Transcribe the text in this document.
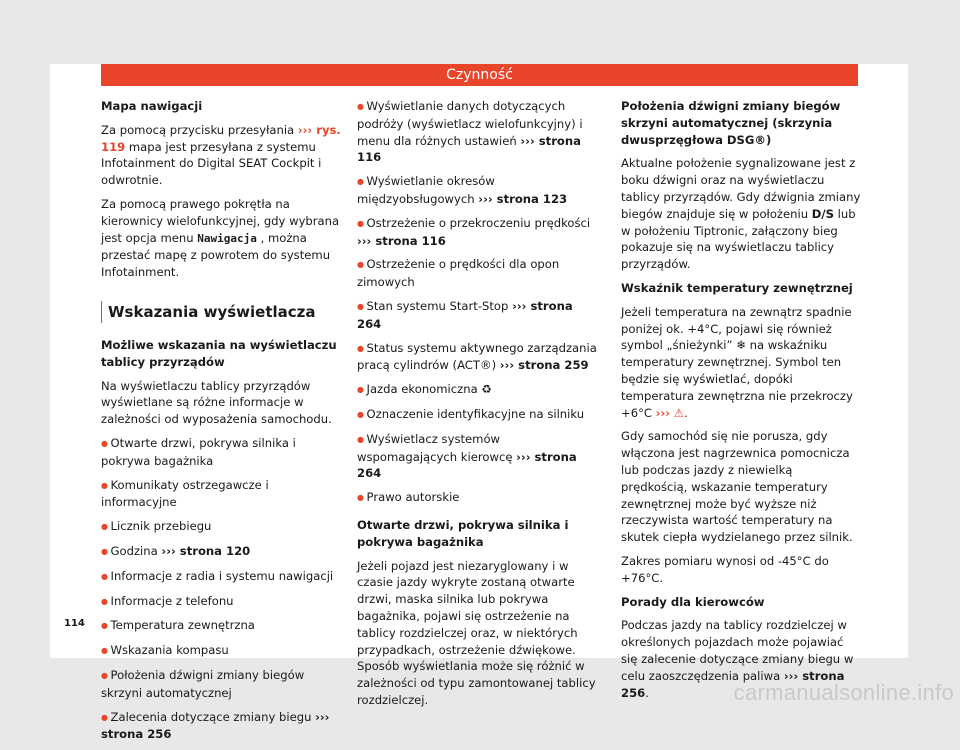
Czynność

Mapa nawigacji

Za pomocą przycisku przesyłania ››› rys. 119 mapa jest przesyłana z systemu Infotainment do Digital SEAT Cockpit i odwrotnie.

Za pomocą prawego pokrętła na kierownicy wielofunkcyjnej, gdy wybrana jest opcja menu Nawigacja , można przestać mapę z powrotem do systemu Infotainment.

Wskazania wyświetlacza

Możliwe wskazania na wyświetlaczu tablicy przyrządów

Na wyświetlaczu tablicy przyrządów wyświetlane są różne informacje w zależności od wyposażenia samochodu.

● Otwarte drzwi, pokrywa silnika i pokrywa bagażnika

● Komunikaty ostrzegawcze i informacyjne

● Licznik przebiegu

● Godzina ››› strona 120

● Informacje z radia i systemu nawigacji

● Informacje z telefonu

● Temperatura zewnętrzna

● Wskazania kompasu

● Położenia dźwigni zmiany biegów skrzyni automatycznej

● Zalecenia dotyczące zmiany biegu ››› strona 256

● Wyświetlanie danych dotyczących podróży (wyświetlacz wielofunkcyjny) i menu dla różnych ustawień ››› strona 116

● Wyświetlanie okresów międzyobsługowych ››› strona 123

● Ostrzeżenie o przekroczeniu prędkości ››› strona 116

● Ostrzeżenie o prędkości dla opon zimowych

● Stan systemu Start-Stop ››› strona 264

● Status systemu aktywnego zarządzania pracą cylindrów (ACT®) ››› strona 259

● Jazda ekonomiczna ♻

● Oznaczenie identyfikacyjne na silniku

● Wyświetlacz systemów wspomagających kierowcę ››› strona 264

● Prawo autorskie

Otwarte drzwi, pokrywa silnika i pokrywa bagażnika

Jeżeli pojazd jest niezaryglowany i w czasie jazdy wykryte zostaną otwarte drzwi, maska silnika lub pokrywa bagażnika, pojawi się ostrzeżenie na tablicy rozdzielczej oraz, w niektórych przypadkach, ostrzeżenie dźwiękowe. Sposób wyświetlania może się różnić w zależności od typu zamontowanej tablicy rozdzielczej.

Położenia dźwigni zmiany biegów skrzyni automatycznej (skrzynia dwusprzęgłowa DSG®)

Aktualne położenie sygnalizowane jest z boku dźwigni oraz na wyświetlaczu tablicy przyrządów. Gdy dźwignia zmiany biegów znajduje się w położeniu D/S lub w położeniu Tiptronic, załączony bieg pokazuje się na wyświetlaczu tablicy przyrządów.

Wskaźnik temperatury zewnętrznej

Jeżeli temperatura na zewnątrz spadnie poniżej ok. +4°C, pojawi się również symbol „śnieżynki” ❄ na wskaźniku temperatury zewnętrznej. Symbol ten będzie się wyświetlać, dopóki temperatura zewnętrzna nie przekroczy +6°C ››› ⚠.

Gdy samochód się nie porusza, gdy włączona jest nagrzewnica pomocnicza lub podczas jazdy z niewielką prędkością, wskazanie temperatury zewnętrznej może być wyższe niż rzeczywista wartość temperatury na skutek ciepła wydzielanego przez silnik.

Zakres pomiaru wynosi od -45°C do +76°C.

Porady dla kierowców

Podczas jazdy na tablicy rozdzielczej w określonych pojazdach może pojawiać się zalecenie dotyczące zmiany biegu w celu zaoszczędzenia paliwa ››› strona 256.

114
carmanualsonline.info
